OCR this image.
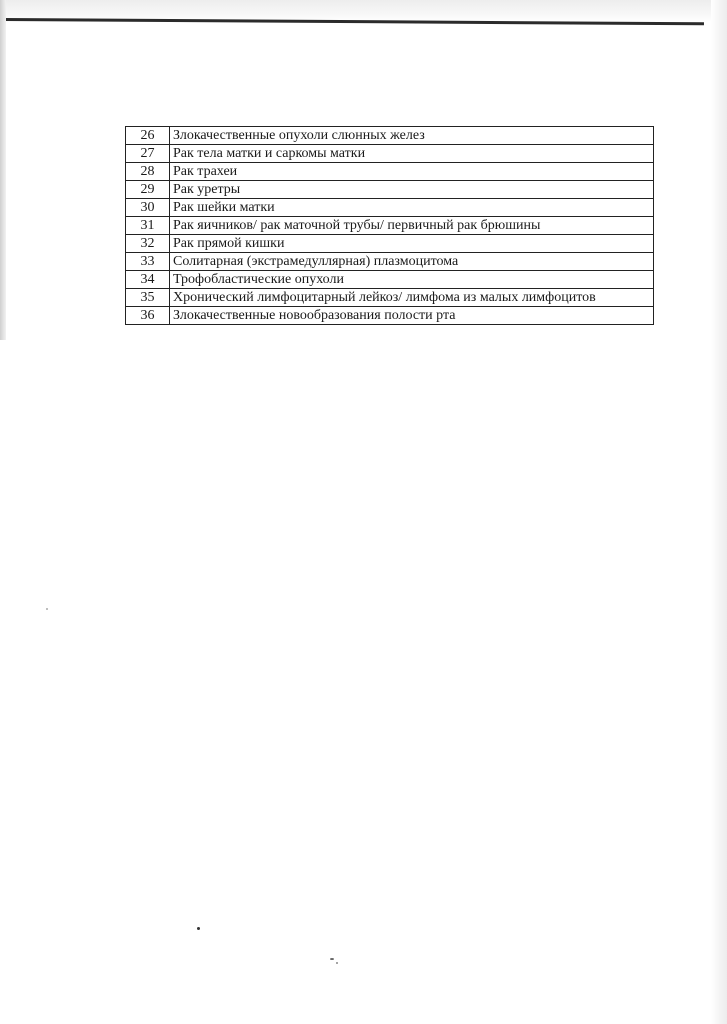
26	Злокачественные опухоли слюнных желез
27	Рак тела матки и саркомы матки
28	Рак трахеи
29	Рак уретры
30	Рак шейки матки
31	Рак яичников/ рак маточной трубы/ первичный рак брюшины
32	Рак прямой кишки
33	Солитарная (экстрамедуллярная) плазмоцитома
34	Трофобластические опухоли
35	Хронический лимфоцитарный лейкоз/ лимфома из малых лимфоцитов
36	Злокачественные новообразования полости рта
